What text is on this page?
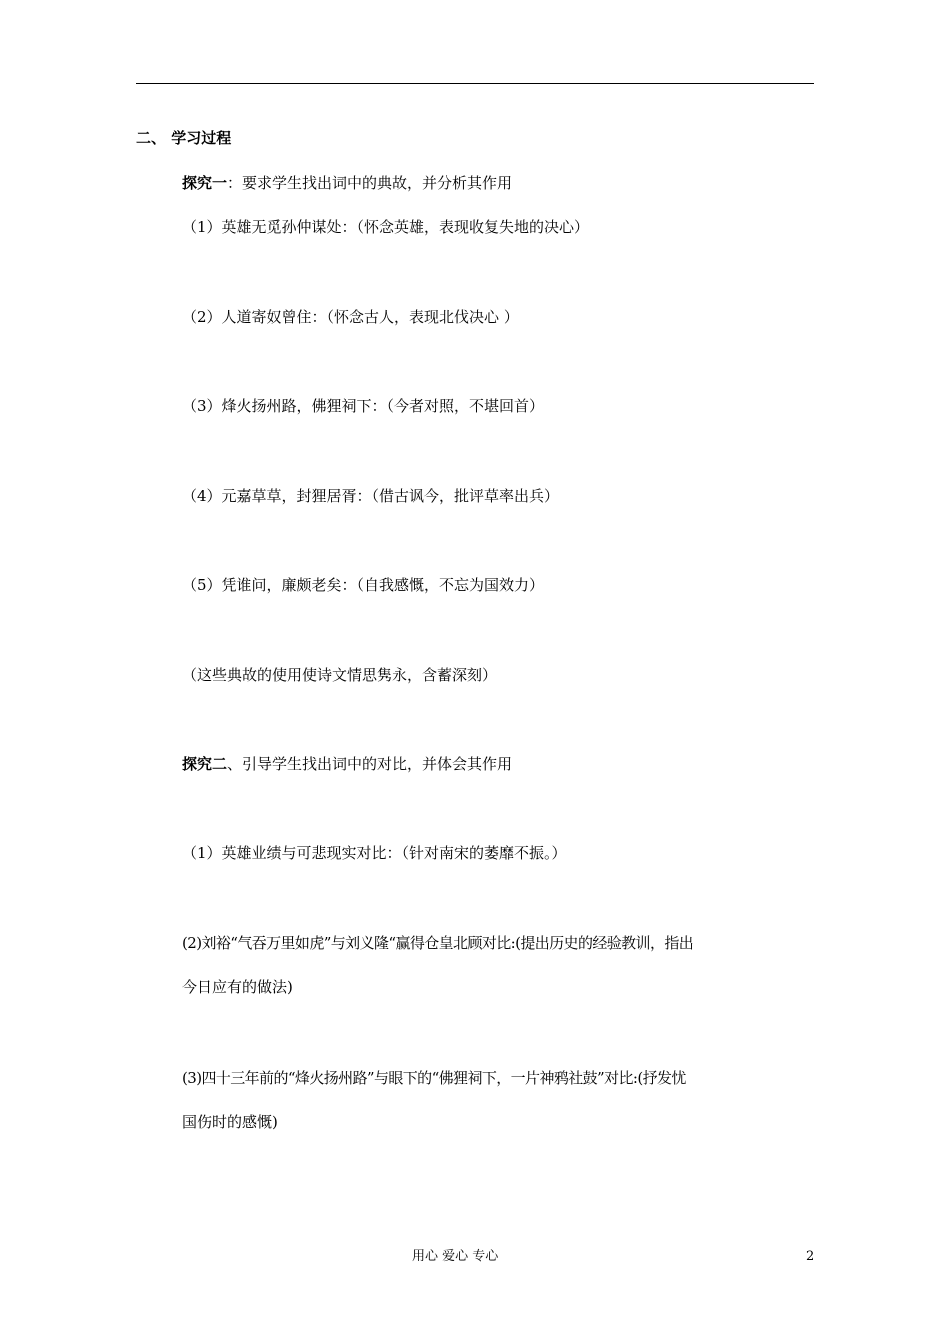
二、 学习过程
探究一：要求学生找出词中的典故，并分析其作用
（1）英雄无觅孙仲谋处：（怀念英雄，表现收复失地的决心）
（2）人道寄奴曾住：（怀念古人，表现北伐决心 ）
（3）烽火扬州路，佛狸祠下：（今者对照，不堪回首）
（4）元嘉草草，封狸居胥：（借古讽今，批评草率出兵）
（5）凭谁问，廉颇老矣：（自我感慨，不忘为国效力）
（这些典故的使用使诗文情思隽永，含蓄深刻）
探究二、引导学生找出词中的对比，并体会其作用
（1）英雄业绩与可悲现实对比：（针对南宋的萎靡不振。）
(2)刘裕“气吞万里如虎”与刘义隆“赢得仓皇北顾对比:(提出历史的经验教训，指出
今日应有的做法)
(3)四十三年前的“烽火扬州路”与眼下的“佛狸祠下，一片神鸦社鼓”对比:(抒发忧
国伤时的感慨)
用心 爱心 专心	2
